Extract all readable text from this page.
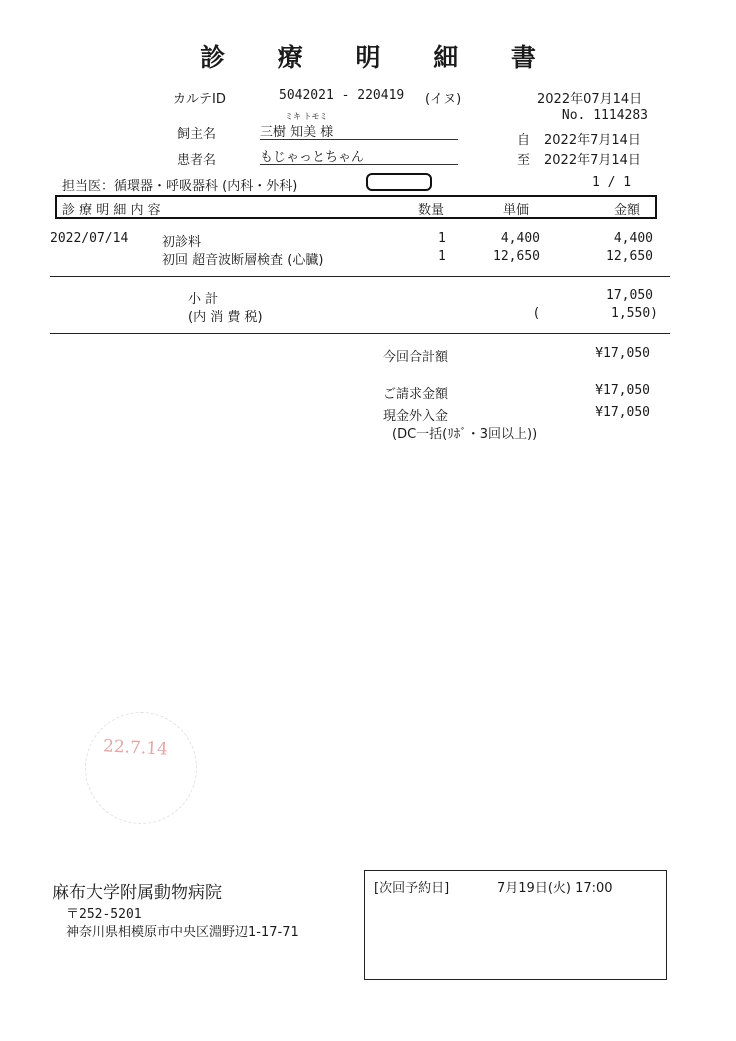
診 療 明 細 書
カルテID	5042021 - 220419 (イヌ)	2022年07月14日
No. 1114283
ミキ トモミ
飼主名	三樹 知美 様
自 2022年7月14日
患者名	もじゃっとちゃん	至 2022年7月14日
担当医：循環器・呼吸器科 (内科・外科)	1 / 1
診 療 明 細 内 容	数量	単価	金額
2022/07/14	初診料	1	4,400	4,400
初回 超音波断層検査 (心臓)	1	12,650	12,650
小 計	17,050
(内 消 費 税)	(	1,550)
今回合計額	¥17,050
ご請求金額	¥17,050
現金外入金	¥17,050
(DC一括(ﾘﾎﾞ・3回以上))
22.7.14
麻布大学附属動物病院
〒252-5201
神奈川県相模原市中央区淵野辺1-17-71
[次回予約日]	7月19日(火) 17:00
